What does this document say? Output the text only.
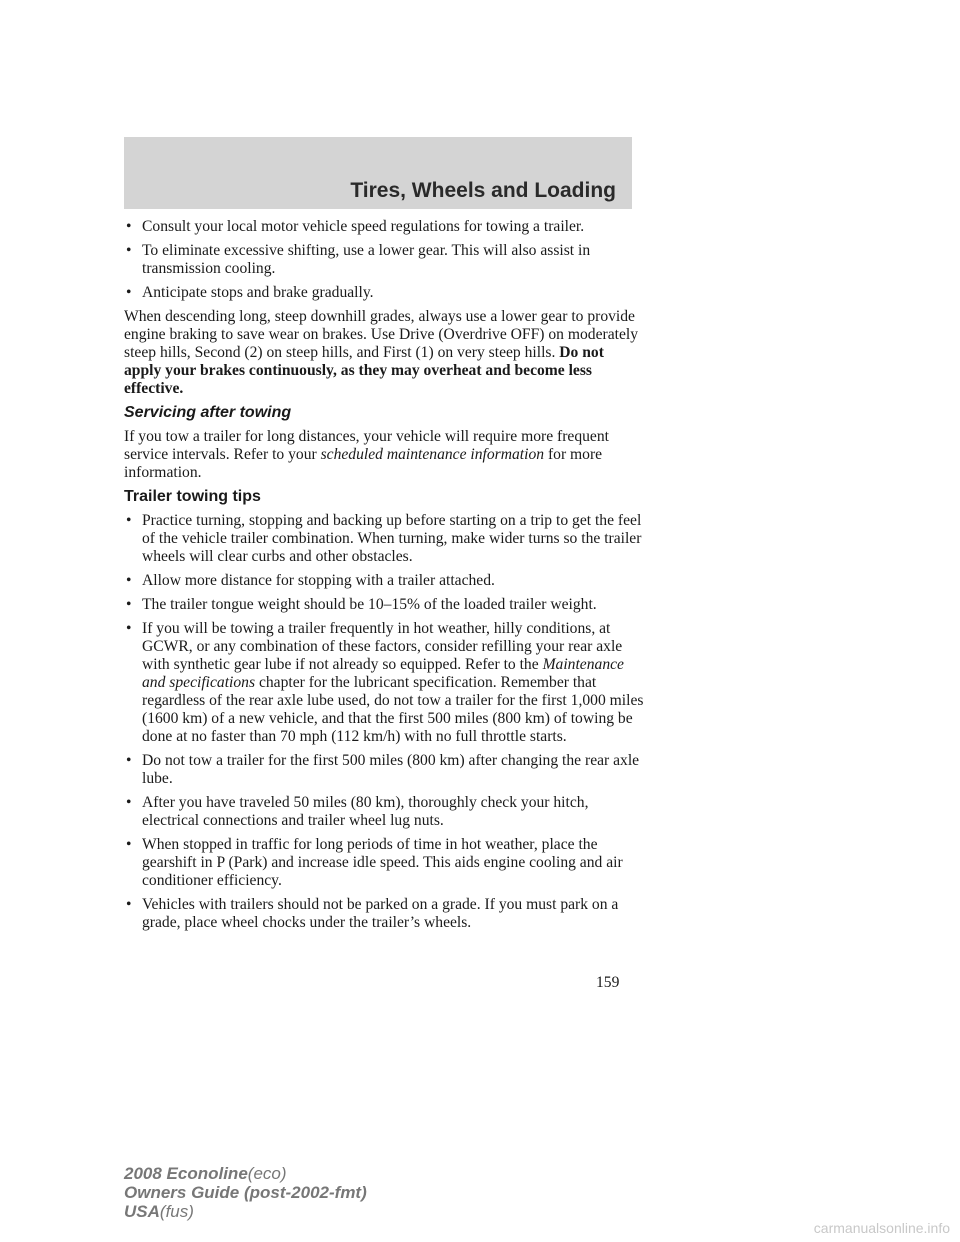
Tires, Wheels and Loading
• Consult your local motor vehicle speed regulations for towing a trailer.
• To eliminate excessive shifting, use a lower gear. This will also assist in transmission cooling.
• Anticipate stops and brake gradually.

When descending long, steep downhill grades, always use a lower gear to provide engine braking to save wear on brakes. Use Drive (Overdrive OFF) on moderately steep hills, Second (2) on steep hills, and First (1) on very steep hills. Do not apply your brakes continuously, as they may overheat and become less effective.

Servicing after towing

If you tow a trailer for long distances, your vehicle will require more frequent service intervals. Refer to your scheduled maintenance information for more information.

Trailer towing tips
• Practice turning, stopping and backing up before starting on a trip to get the feel of the vehicle trailer combination. When turning, make wider turns so the trailer wheels will clear curbs and other obstacles.
• Allow more distance for stopping with a trailer attached.
• The trailer tongue weight should be 10–15% of the loaded trailer weight.
• If you will be towing a trailer frequently in hot weather, hilly conditions, at GCWR, or any combination of these factors, consider refilling your rear axle with synthetic gear lube if not already so equipped. Refer to the Maintenance and specifications chapter for the lubricant specification. Remember that regardless of the rear axle lube used, do not tow a trailer for the first 1,000 miles (1600 km) of a new vehicle, and that the first 500 miles (800 km) of towing be done at no faster than 70 mph (112 km/h) with no full throttle starts.
• Do not tow a trailer for the first 500 miles (800 km) after changing the rear axle lube.
• After you have traveled 50 miles (80 km), thoroughly check your hitch, electrical connections and trailer wheel lug nuts.
• When stopped in traffic for long periods of time in hot weather, place the gearshift in P (Park) and increase idle speed. This aids engine cooling and air conditioner efficiency.
• Vehicles with trailers should not be parked on a grade. If you must park on a grade, place wheel chocks under the trailer’s wheels.
159
2008 Econoline(eco)
Owners Guide (post-2002-fmt)
USA(fus)
carmanualsonline.info
